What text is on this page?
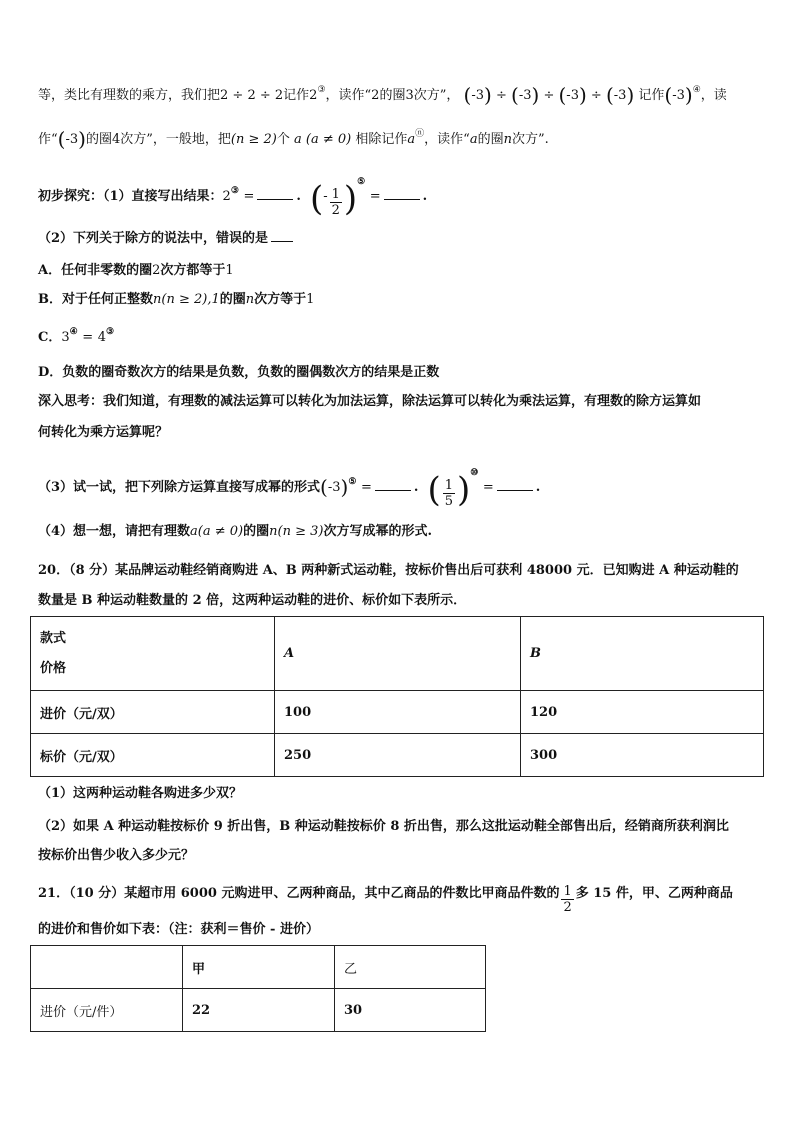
等，类比有理数的乘方，我们把2 ÷ 2 ÷ 2记作2③，读作“2的圈3次方”， (-3) ÷ (-3) ÷ (-3) ÷ (-3) 记作(-3)④，读
作“(-3)的圈4次方”，一般地，把(n ≥ 2)个 a (a ≠ 0) 相除记作aⓝ，读作“a的圈n次方”.
初步探究：（1）直接写出结果：2③ =	. (- $\frac{1}{2} )^⑤$ =	.
（2）下列关于除方的说法中，错误的是
A．任何非零数的圈2次方都等于1
B．对于任何正整数n(n ≥ 2),1的圈n次方等于1
C．3④ = 4③
D．负数的圈奇数次方的结果是负数，负数的圈偶数次方的结果是正数
深入思考：我们知道，有理数的减法运算可以转化为加法运算，除法运算可以转化为乘法运算，有理数的除方运算如
何转化为乘方运算呢？
（3）试一试，把下列除方运算直接写成幂的形式(-3)⑤ =	. ( $\frac{1}{5} )^⑩$ =	.
（4）想一想，请把有理数a(a ≠ 0)的圈n(n ≥ 3)次方写成幂的形式.
20．（8 分）某品牌运动鞋经销商购进 A、B 两种新式运动鞋，按标价售出后可获利 48000 元．已知购进 A 种运动鞋的
数量是 B 种运动鞋数量的 2 倍，这两种运动鞋的进价、标价如下表所示．
款式
价格	A	B
进价（元/双）	100	120
标价（元/双）	250	300
（1）这两种运动鞋各购进多少双？
（2）如果 A 种运动鞋按标价 9 折出售，B 种运动鞋按标价 8 折出售，那么这批运动鞋全部售出后，经销商所获利润比
按标价出售少收入多少元？
21．（10 分）某超市用 6000 元购进甲、乙两种商品，其中乙商品的件数比甲商品件数的 $\frac{1}{2}$ 多 15 件，甲、乙两种商品
的进价和售价如下表：（注：获利＝售价 - 进价）
	甲	乙
进价（元/件）	22	30
